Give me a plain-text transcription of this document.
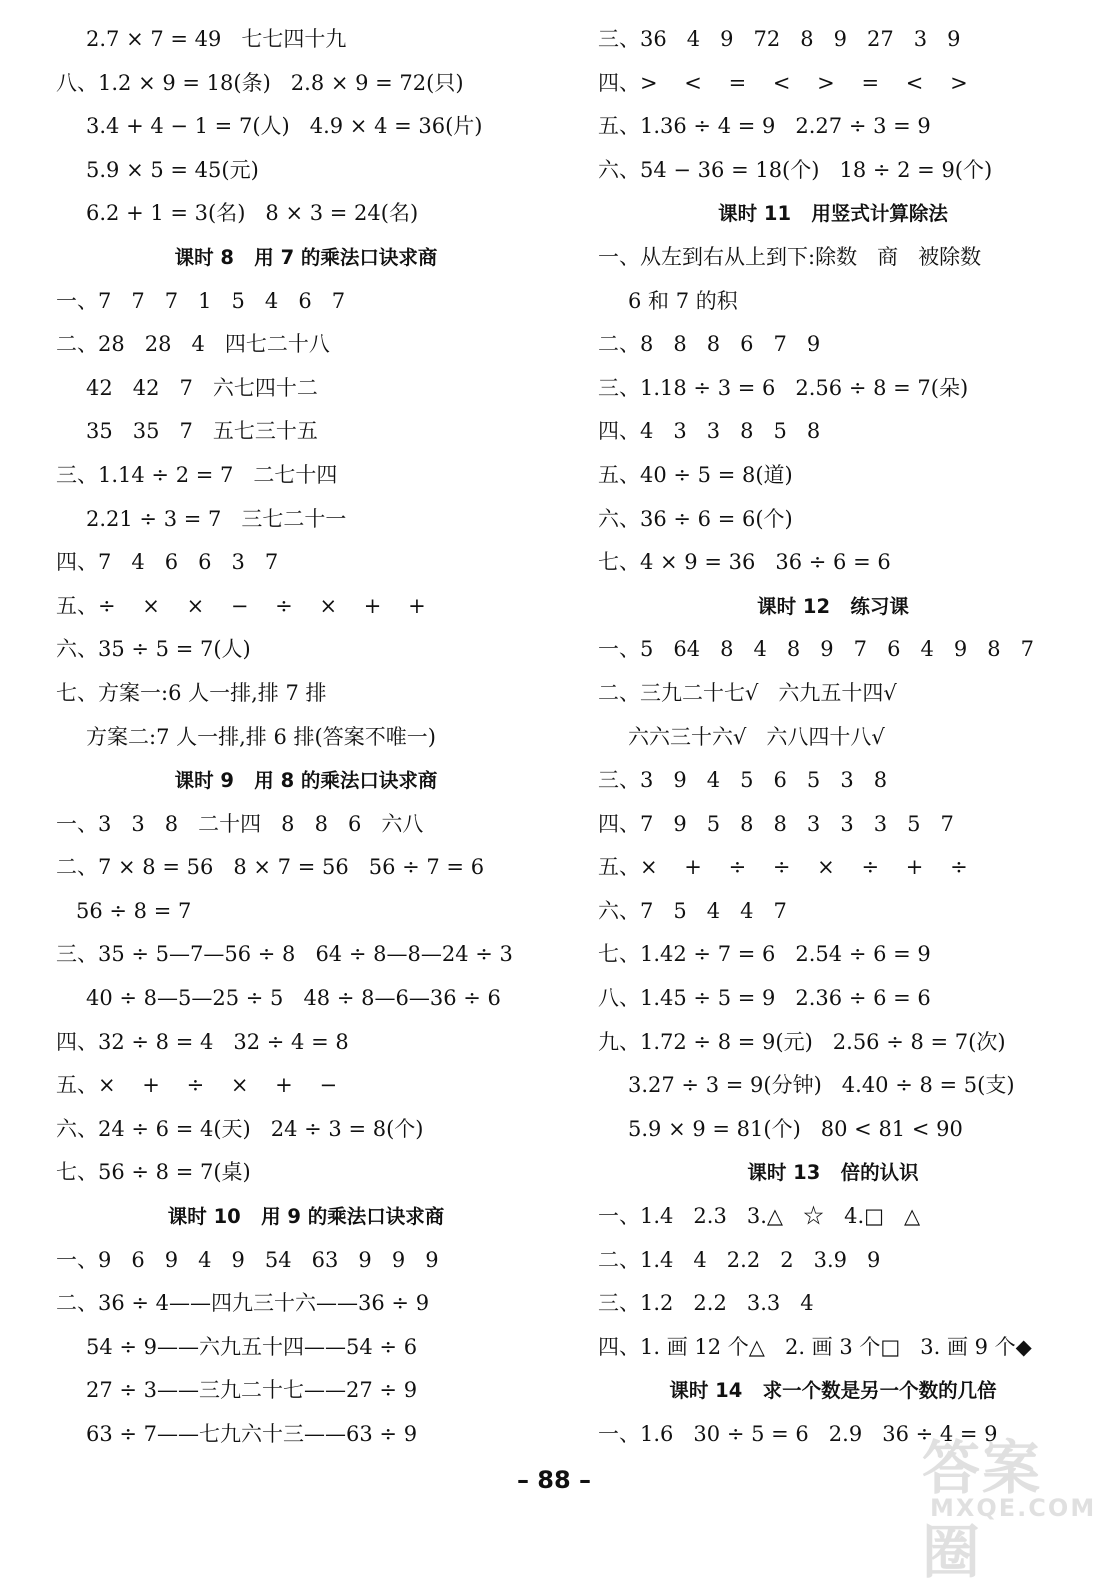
2.7 × 7 = 49   七七四十九
八、1.2 × 9 = 18(条)   2.8 × 9 = 72(只)
3.4 + 4 − 1 = 7(人)   4.9 × 4 = 36(片)
5.9 × 5 = 45(元)
6.2 + 1 = 3(名)   8 × 3 = 24(名)
课时 8   用 7 的乘法口诀求商
一、7   7   7   1   5   4   6   7
二、28   28   4   四七二十八
42   42   7   六七四十二
35   35   7   五七三十五
三、1.14 ÷ 2 = 7   二七十四
2.21 ÷ 3 = 7   三七二十一
四、7   4   6   6   3   7
五、÷    ×    ×    −    ÷    ×    +    +
六、35 ÷ 5 = 7(人)
七、方案一:6 人一排,排 7 排
方案二:7 人一排,排 6 排(答案不唯一)
课时 9   用 8 的乘法口诀求商
一、3   3   8   二十四   8   8   6   六八
二、7 × 8 = 56   8 × 7 = 56   56 ÷ 7 = 6
56 ÷ 8 = 7
三、35 ÷ 5—7—56 ÷ 8   64 ÷ 8—8—24 ÷ 3
40 ÷ 8—5—25 ÷ 5   48 ÷ 8—6—36 ÷ 6
四、32 ÷ 8 = 4   32 ÷ 4 = 8
五、×    +    ÷    ×    +    −
六、24 ÷ 6 = 4(天)   24 ÷ 3 = 8(个)
七、56 ÷ 8 = 7(桌)
课时 10   用 9 的乘法口诀求商
一、9   6   9   4   9   54   63   9   9   9
二、36 ÷ 4——四九三十六——36 ÷ 9
54 ÷ 9——六九五十四——54 ÷ 6
27 ÷ 3——三九二十七——27 ÷ 9
63 ÷ 7——七九六十三——63 ÷ 9
三、36   4   9   72   8   9   27   3   9
四、>    <    =    <    >    =    <    >
五、1.36 ÷ 4 = 9   2.27 ÷ 3 = 9
六、54 − 36 = 18(个)   18 ÷ 2 = 9(个)
课时 11   用竖式计算除法
一、从左到右从上到下:除数   商   被除数
6 和 7 的积
二、8   8   8   6   7   9
三、1.18 ÷ 3 = 6   2.56 ÷ 8 = 7(朵)
四、4   3   3   8   5   8
五、40 ÷ 5 = 8(道)
六、36 ÷ 6 = 6(个)
七、4 × 9 = 36   36 ÷ 6 = 6
课时 12   练习课
一、5   64   8   4   8   9   7   6   4   9   8   7
二、三九二十七√   六九五十四√
六六三十六√   六八四十八√
三、3   9   4   5   6   5   3   8
四、7   9   5   8   8   3   3   3   5   7
五、×    +    ÷    ÷    ×    ÷    +    ÷
六、7   5   4   4   7
七、1.42 ÷ 7 = 6   2.54 ÷ 6 = 9
八、1.45 ÷ 5 = 9   2.36 ÷ 6 = 6
九、1.72 ÷ 8 = 9(元)   2.56 ÷ 8 = 7(次)
3.27 ÷ 3 = 9(分钟)   4.40 ÷ 8 = 5(支)
5.9 × 9 = 81(个)   80 < 81 < 90
课时 13   倍的认识
一、1.4   2.3   3.△   ☆   4.□   △
二、1.4   4   2.2   2   3.9   9
三、1.2   2.2   3.3   4
四、1. 画 12 个△   2. 画 3 个□   3. 画 9 个◆
课时 14   求一个数是另一个数的几倍
一、1.6   30 ÷ 5 = 6   2.9   36 ÷ 4 = 9
– 88 –	答案圈
MXQE.COM
